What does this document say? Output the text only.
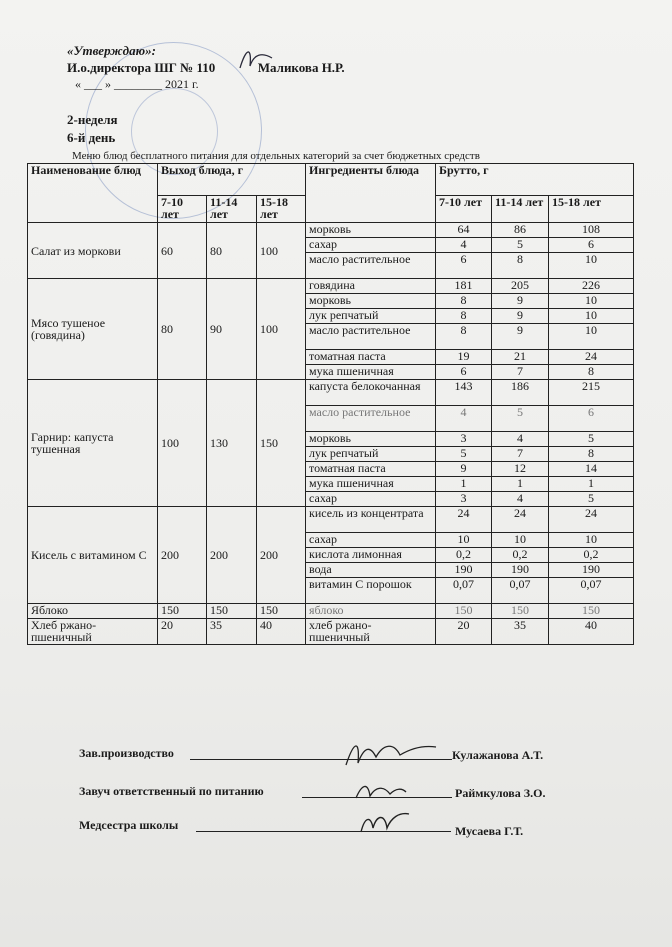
«Утверждаю»:
И.о.директора ШГ № 110	Маликова Н.Р.
« ___ » ________ 2021 г.
2-неделя
6-й день
Меню блюд бесплатного питания для отдельных категорий за счет бюджетных средств
Наименование блюд	Выход блюда, г			Ингредиенты блюда	Брутто, г		
	7-10 лет	11-14 лет	15-18 лет		7-10 лет	11-14 лет	15-18 лет
Салат из моркови	60	80	100	морковь	64	86	108
				сахар	4	5	6
				масло растительное	6	8	10
Мясо тушеное (говядина)	80	90	100	говядина	181	205	226
				морковь	8	9	10
				лук репчатый	8	9	10
				масло растительное	8	9	10
				томатная паста	19	21	24
				мука пшеничная	6	7	8
Гарнир: капуста тушенная	100	130	150	капуста белокочанная	143	186	215
				масло растительное	4	5	6
				морковь	3	4	5
				лук репчатый	5	7	8
				томатная паста	9	12	14
				мука пшеничная	1	1	1
				сахар	3	4	5
Кисель с витамином С	200	200	200	кисель из концентрата	24	24	24
				сахар	10	10	10
				кислота лимонная	0,2	0,2	0,2
				вода	190	190	190
				витамин С порошок	0,07	0,07	0,07
Яблоко	150	150	150	яблоко	150	150	150
Хлеб ржано-пшеничный	20	35	40	хлеб ржано-пшеничный	20	35	40
Зав.производство	Кулажанова А.Т.
Завуч ответственный по питанию	Раймкулова З.О.
Медсестра школы	Мусаева Г.Т.
